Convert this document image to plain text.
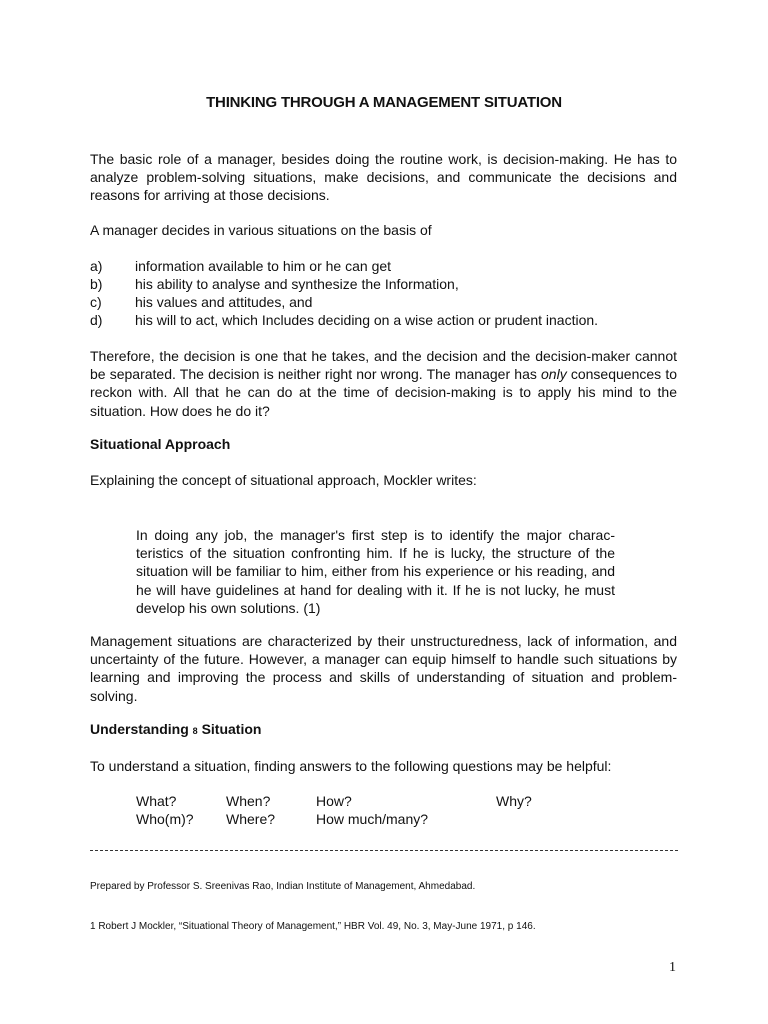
THINKING THROUGH A MANAGEMENT SITUATION
The basic role of a manager, besides doing the routine work, is decision-making. He has to analyze problem-solving situations, make decisions, and communicate the decisions and reasons for arriving at those decisions.
A manager decides in various situations on the basis of
a) information available to him or he can get
b) his ability to analyse and synthesize the Information,
c) his values and attitudes, and
d) his will to act, which Includes deciding on a wise action or prudent inaction.
Therefore, the decision is one that he takes, and the decision and the decision-maker cannot be separated. The decision is neither right nor wrong. The manager has only consequences to reckon with. All that he can do at the time of decision-making is to apply his mind to the situation. How does he do it?
Situational Approach
Explaining the concept of situational approach, Mockler writes:
In doing any job, the manager's first step is to identify the major charac-teristics of the situation confronting him. If he is lucky, the structure of the situation will be familiar to him, either from his experience or his reading, and he will have guidelines at hand for dealing with it. If he is not lucky, he must develop his own solutions. (1)
Management situations are characterized by their unstructuredness, lack of information, and uncertainty of the future. However, a manager can equip himself to handle such situations by learning and improving the process and skills of understanding of situation and problem-solving.
Understanding 8 Situation
To understand a situation, finding answers to the following questions may be helpful:
What?	When?	How?	Why?
Who(m)? Where?	How much/many?
Prepared by Professor S. Sreenivas Rao, Indian Institute of Management, Ahmedabad.
1 Robert J Mockler, “Situational Theory of Management,” HBR Vol. 49, No. 3, May-June 1971, p 146.
1
